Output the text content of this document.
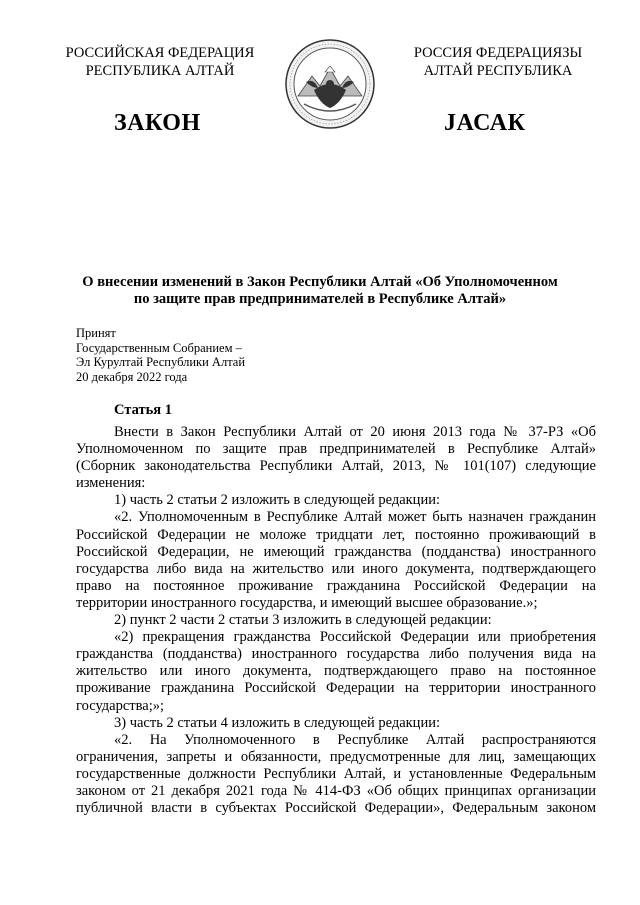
РОССИЙСКАЯ ФЕДЕРАЦИЯ
РЕСПУБЛИКА АЛТАЙ
РОССИЯ ФЕДЕРАЦИЯЗЫ
АЛТАЙ РЕСПУБЛИКА
ЗАКОН	ЈАСАК
О внесении изменений в Закон Республики Алтай «Об Уполномоченном
по защите прав предпринимателей в Республике Алтай»
Принят
Государственным Собранием –
Эл Курултай Республики Алтай
20 декабря 2022 года
Статья 1

Внести в Закон Республики Алтай от 20 июня 2013 года № 37-РЗ «Об Уполномоченном по защите прав предпринимателей в Республике Алтай» (Сборник законодательства Республики Алтай, 2013, № 101(107) следующие изменения:

1) часть 2 статьи 2 изложить в следующей редакции:

«2. Уполномоченным в Республике Алтай может быть назначен гражданин Российской Федерации не моложе тридцати лет, постоянно проживающий в Российской Федерации, не имеющий гражданства (подданства) иностранного государства либо вида на жительство или иного документа, подтверждающего право на постоянное проживание гражданина Российской Федерации на территории иностранного государства, и имеющий высшее образование.»;

2) пункт 2 части 2 статьи 3 изложить в следующей редакции:

«2) прекращения гражданства Российской Федерации или приобретения гражданства (подданства) иностранного государства либо получения вида на жительство или иного документа, подтверждающего право на постоянное проживание гражданина Российской Федерации на территории иностранного государства;»;

3) часть 2 статьи 4 изложить в следующей редакции:

«2. На Уполномоченного в Республике Алтай распространяются ограничения, запреты и обязанности, предусмотренные для лиц, замещающих государственные должности Республики Алтай, и установленные Федеральным законом от 21 декабря 2021 года № 414-ФЗ «Об общих принципах организации публичной власти в субъектах Российской Федерации», Федеральным законом
